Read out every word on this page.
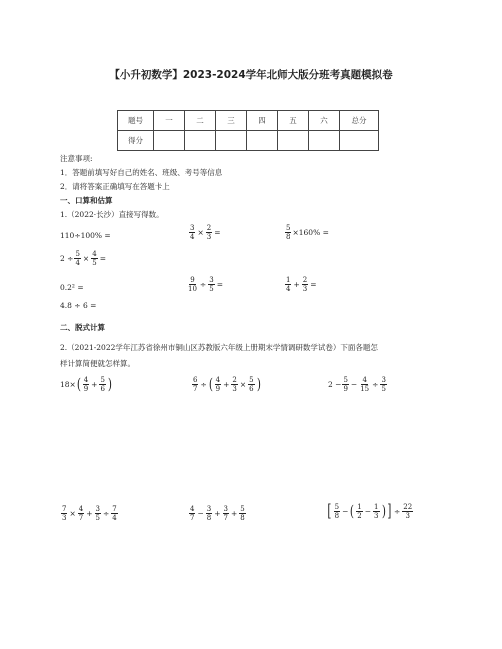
【小升初数学】2023-2024学年北师大版分班考真题模拟卷
题号	一	二	三	四	五	六	总分
得分							
注意事项:
1．答题前填写好自己的姓名、班级、考号等信息
2．请将答案正确填写在答题卡上
一、口算和估算
1.（2022·长沙）直接写得数。
110÷100% =	$\frac{3}{4} \times \frac{2}{3}$ =	$\frac{5}{8} \times 160\%$ =
$2 \div \frac{5}{4} \times \frac{4}{5}$ =
0.2² =	$\frac{9}{10} \div \frac{3}{5}$ =	$\frac{1}{4} + \frac{2}{3}$ =
4.8 ÷ 6 =
二、脱式计算
2.（2021-2022学年江苏省徐州市铜山区苏教版六年级上册期末学情调研数学试卷）下面各题怎
样计算简便就怎样算。
18× ( $\frac{4}{9} + \frac{5}{6}$ )	$\frac{6}{7}$ ÷ ( $\frac{4}{9} + \frac{2}{3} \times \frac{5}{6}$ )	$2 - \frac{5}{9} - \frac{4}{15} \div \frac{3}{5}$
$\frac{7}{3} \times \frac{4}{7} + \frac{3}{5} \div \frac{7}{4}$	$\frac{4}{7} - \frac{3}{8} + \frac{3}{7} + \frac{5}{8}$	[ $\frac{5}{8}$ − ( $\frac{1}{2} - \frac{1}{3}$ ) ] ÷ $\frac{22}{3}$
